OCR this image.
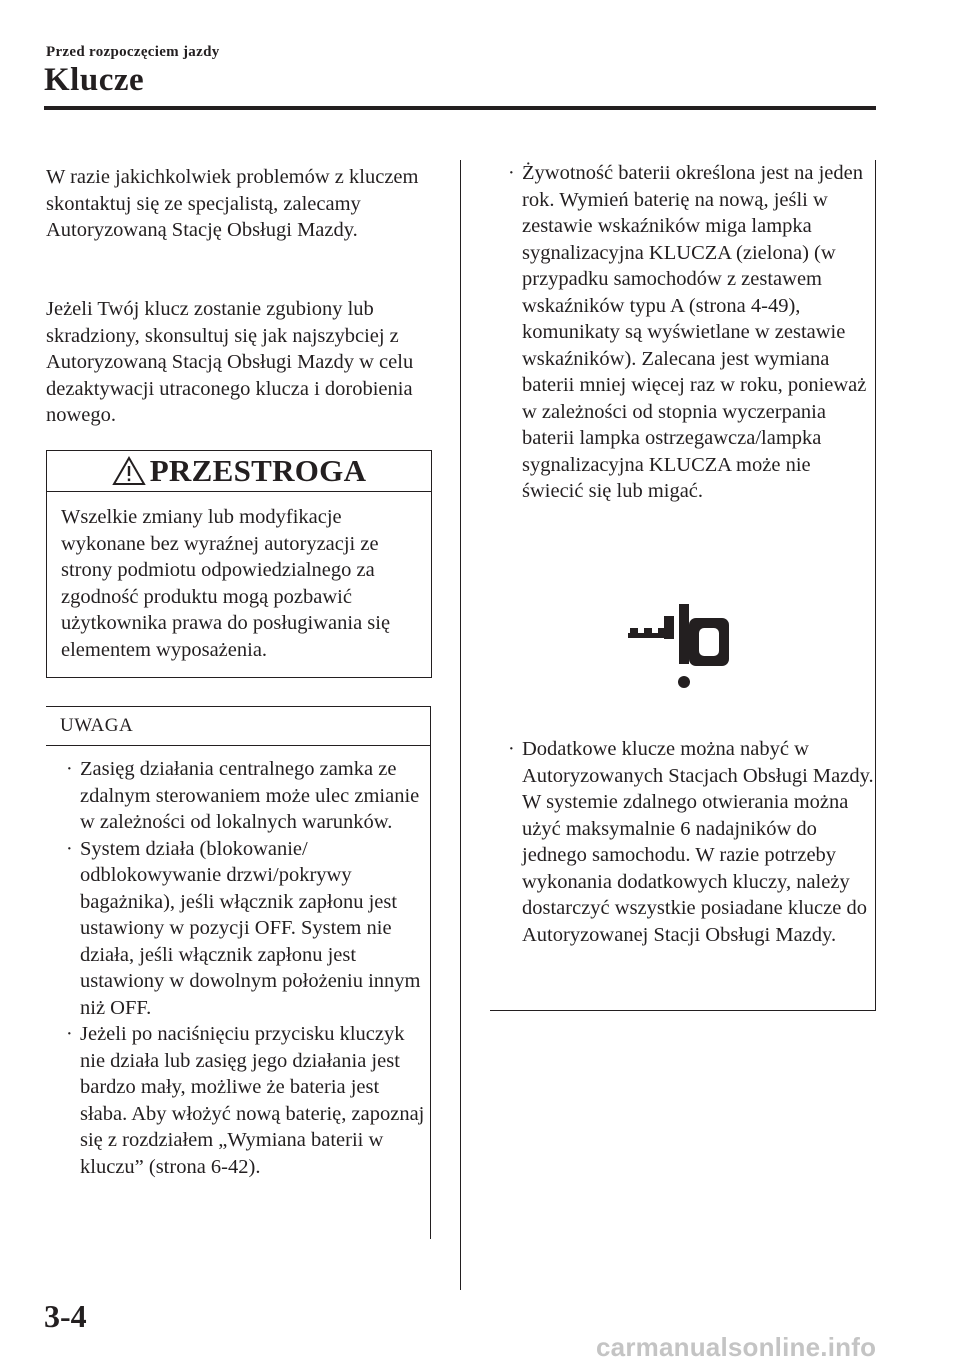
Przed rozpoczęciem jazdy
Klucze

W razie jakichkolwiek problemów z kluczem skontaktuj się ze specjalistą, zalecamy Autoryzowaną Stację Obsługi Mazdy.

Jeżeli Twój klucz zostanie zgubiony lub skradziony, skonsultuj się jak najszybciej z Autoryzowaną Stacją Obsługi Mazdy w celu dezaktywacji utraconego klucza i dorobienia nowego.

PRZESTROGA
Wszelkie zmiany lub modyfikacje wykonane bez wyraźnej autoryzacji ze strony podmiotu odpowiedzialnego za zgodność produktu mogą pozbawić użytkownika prawa do posługiwania się elementem wyposażenia.
UWAGA
· Zasięg działania centralnego zamka ze zdalnym sterowaniem może ulec zmianie w zależności od lokalnych warunków.
· System działa (blokowanie/ odblokowywanie drzwi/pokrywy bagażnika), jeśli włącznik zapłonu jest ustawiony w pozycji OFF. System nie działa, jeśli włącznik zapłonu jest ustawiony w dowolnym położeniu innym niż OFF.
· Jeżeli po naciśnięciu przycisku kluczyk nie działa lub zasięg jego działania jest bardzo mały, możliwe że bateria jest słaba. Aby włożyć nową baterię, zapoznaj się z rozdziałem „Wymiana baterii w kluczu” (strona 6-42).
· Żywotność baterii określona jest na jeden rok. Wymień baterię na nową, jeśli w zestawie wskaźników miga lampka sygnalizacyjna KLUCZA (zielona) (w przypadku samochodów z zestawem wskaźników typu A (strona 4-49), komunikaty są wyświetlane w zestawie wskaźników). Zalecana jest wymiana baterii mniej więcej raz w roku, ponieważ w zależności od stopnia wyczerpania baterii lampka ostrzegawcza/lampka sygnalizacyjna KLUCZA może nie świecić się lub migać.
· Dodatkowe klucze można nabyć w Autoryzowanych Stacjach Obsługi Mazdy. W systemie zdalnego otwierania można użyć maksymalnie 6 nadajników do jednego samochodu. W razie potrzeby wykonania dodatkowych kluczy, należy dostarczyć wszystkie posiadane klucze do Autoryzowanej Stacji Obsługi Mazdy.
3-4
carmanualsonline.info
